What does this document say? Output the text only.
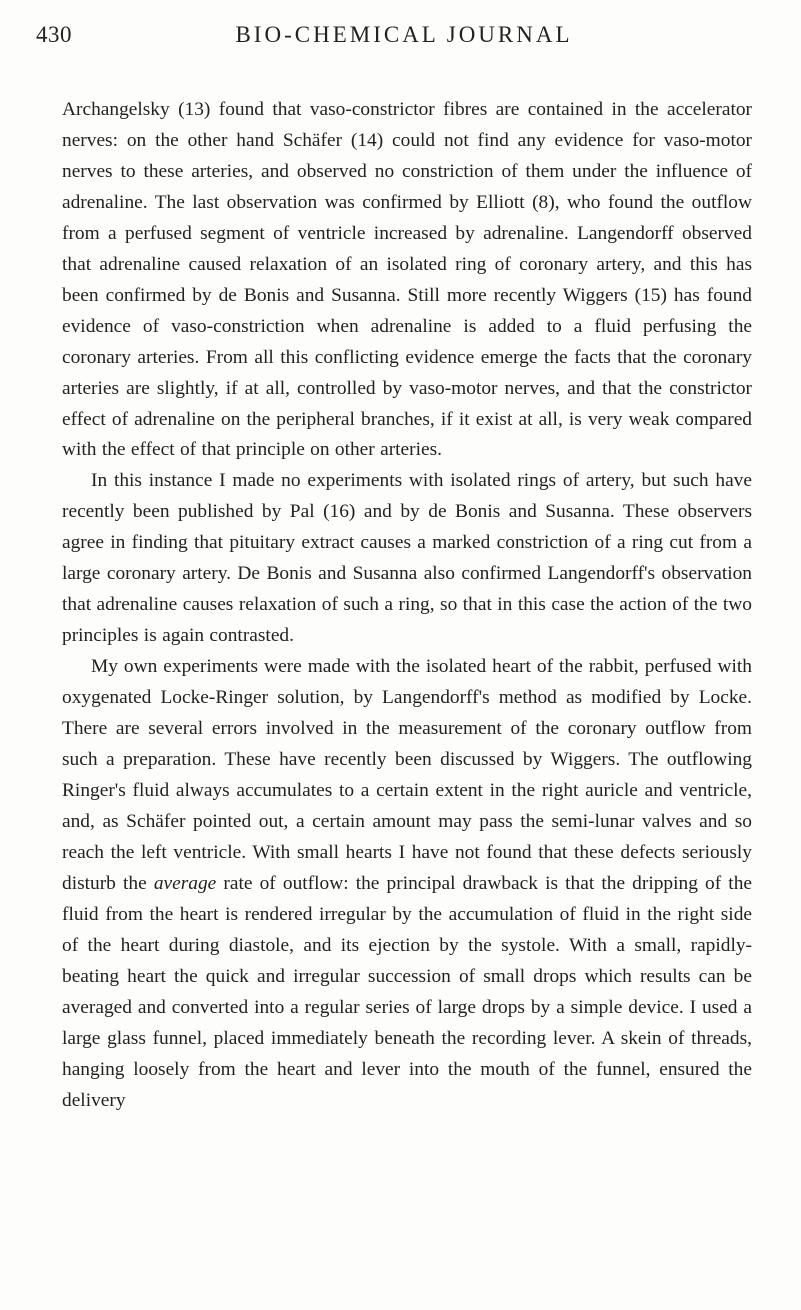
430	BIO-CHEMICAL JOURNAL

Archangelsky (13) found that vaso-constrictor fibres are contained in the accelerator nerves: on the other hand Schäfer (14) could not find any evidence for vaso-motor nerves to these arteries, and observed no constriction of them under the influence of adrenaline. The last observation was confirmed by Elliott (8), who found the outflow from a perfused segment of ventricle increased by adrenaline. Langendorff observed that adrenaline caused relaxation of an isolated ring of coronary artery, and this has been confirmed by de Bonis and Susanna. Still more recently Wiggers (15) has found evidence of vaso-constriction when adrenaline is added to a fluid perfusing the coronary arteries. From all this conflicting evidence emerge the facts that the coronary arteries are slightly, if at all, controlled by vaso-motor nerves, and that the constrictor effect of adrenaline on the peripheral branches, if it exist at all, is very weak compared with the effect of that principle on other arteries.

In this instance I made no experiments with isolated rings of artery, but such have recently been published by Pal (16) and by de Bonis and Susanna. These observers agree in finding that pituitary extract causes a marked constriction of a ring cut from a large coronary artery. De Bonis and Susanna also confirmed Langendorff's observation that adrenaline causes relaxation of such a ring, so that in this case the action of the two principles is again contrasted.

My own experiments were made with the isolated heart of the rabbit, perfused with oxygenated Locke-Ringer solution, by Langendorff's method as modified by Locke. There are several errors involved in the measurement of the coronary outflow from such a preparation. These have recently been discussed by Wiggers. The outflowing Ringer's fluid always accumulates to a certain extent in the right auricle and ventricle, and, as Schäfer pointed out, a certain amount may pass the semi-lunar valves and so reach the left ventricle. With small hearts I have not found that these defects seriously disturb the average rate of outflow: the principal drawback is that the dripping of the fluid from the heart is rendered irregular by the accumulation of fluid in the right side of the heart during diastole, and its ejection by the systole. With a small, rapidly-beating heart the quick and irregular succession of small drops which results can be averaged and converted into a regular series of large drops by a simple device. I used a large glass funnel, placed immediately beneath the recording lever. A skein of threads, hanging loosely from the heart and lever into the mouth of the funnel, ensured the delivery
